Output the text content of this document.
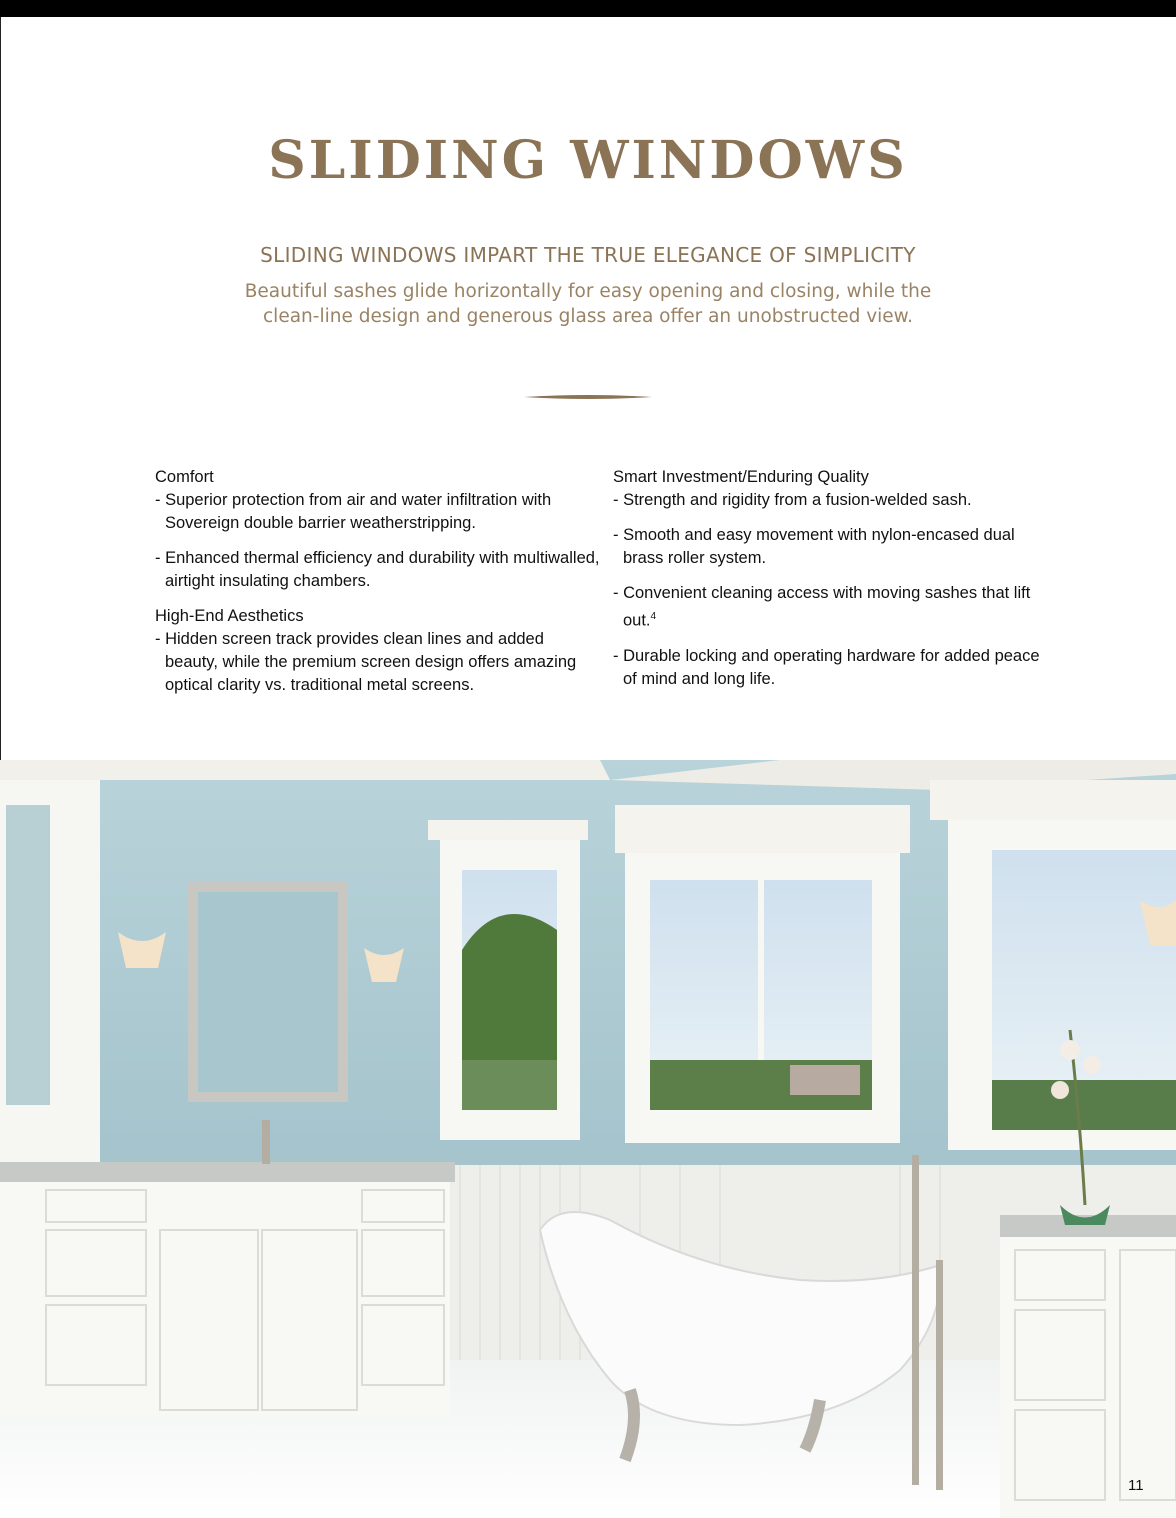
SLIDING WINDOWS
SLIDING WINDOWS IMPART THE TRUE ELEGANCE OF SIMPLICITY
Beautiful sashes glide horizontally for easy opening and closing, while the
clean-line design and generous glass area offer an unobstructed view.
Comfort
- Superior protection from air and water infiltration with Sovereign double barrier weatherstripping.
- Enhanced thermal efficiency and durability with multiwalled, airtight insulating chambers.
High-End Aesthetics
- Hidden screen track provides clean lines and added beauty, while the premium screen design offers amazing optical clarity vs. traditional metal screens.
Smart Investment/Enduring Quality
- Strength and rigidity from a fusion-welded sash.
- Smooth and easy movement with nylon-encased dual brass roller system.
- Convenient cleaning access with moving sashes that lift out.$^4$
- Durable locking and operating hardware for added peace of mind and long life.
11
